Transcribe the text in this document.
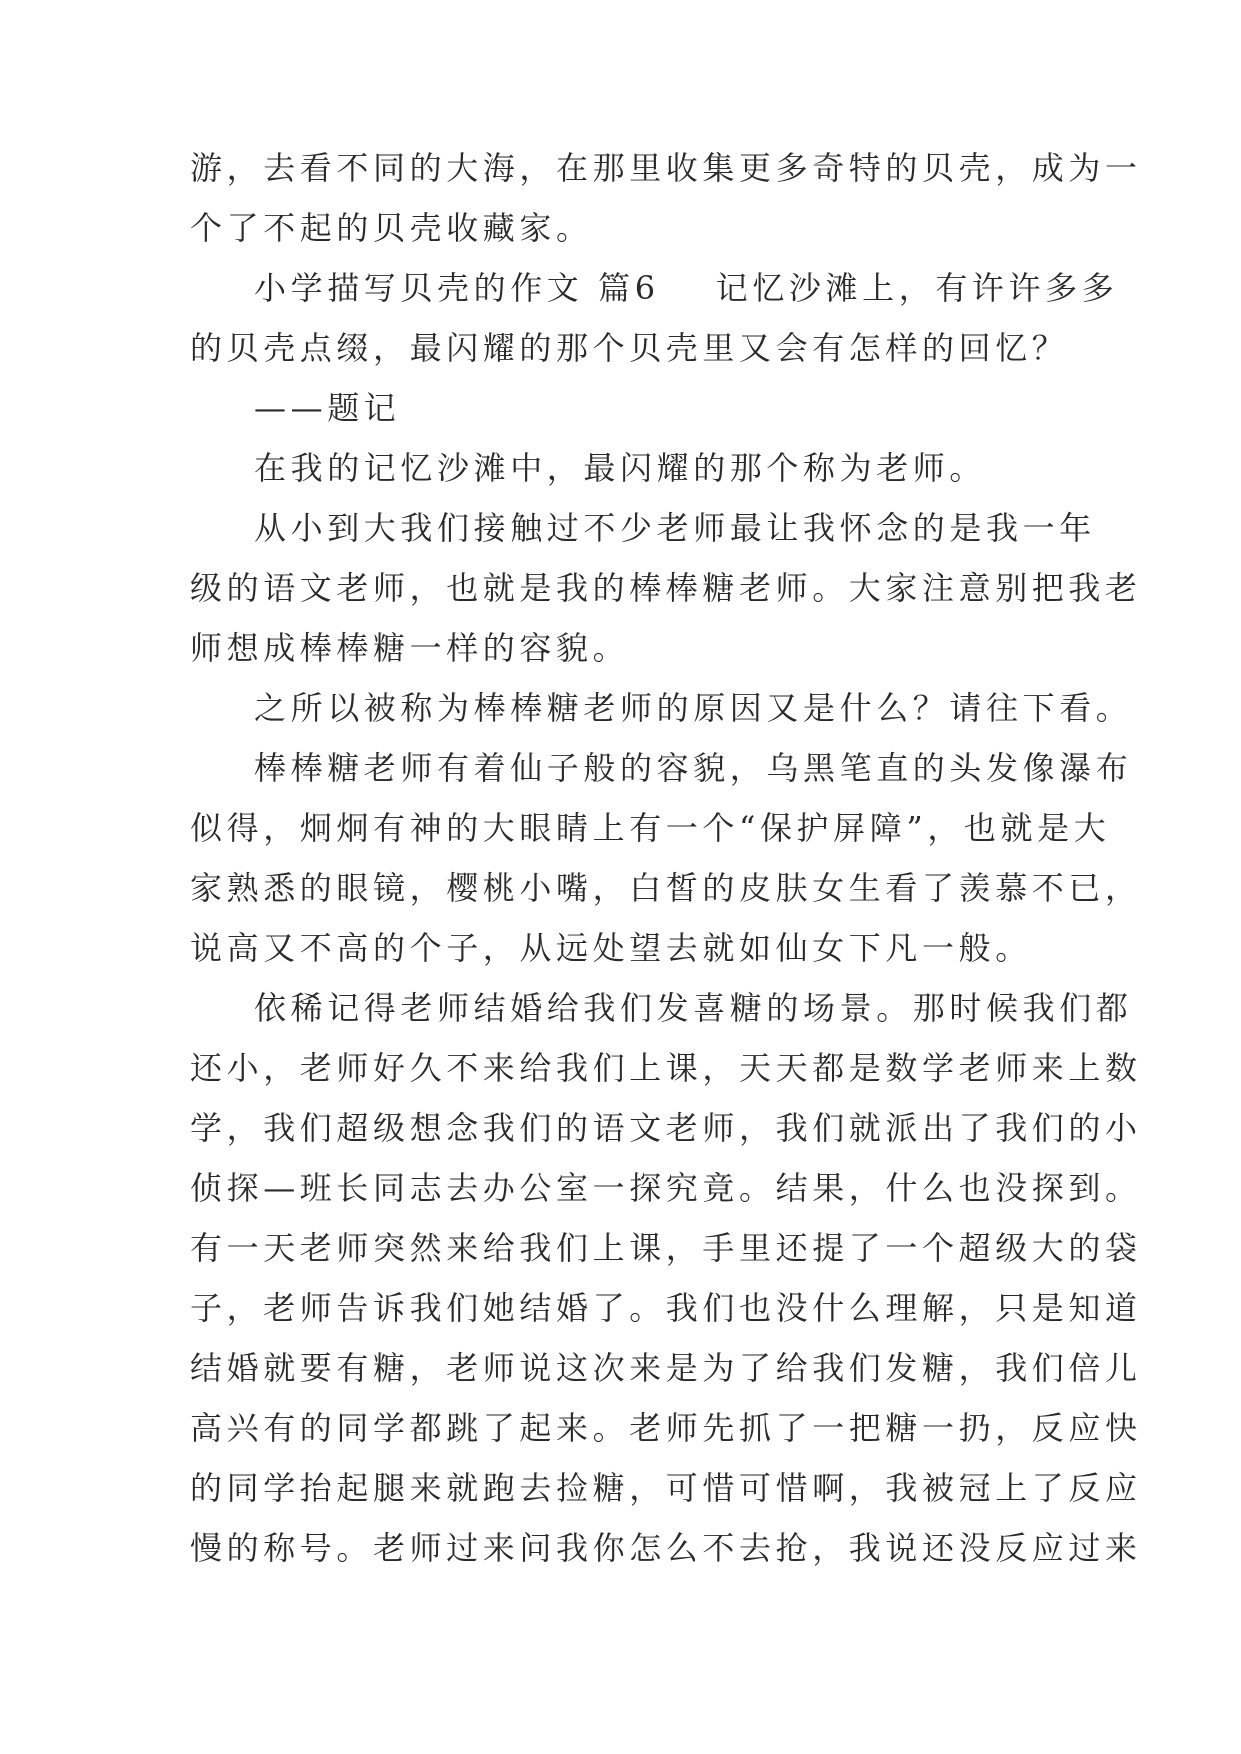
游，去看不同的大海，在那里收集更多奇特的贝壳，成为一
个了不起的贝壳收藏家。
小学描写贝壳的作文 篇6 记忆沙滩上，有许许多多
的贝壳点缀，最闪耀的那个贝壳里又会有怎样的回忆？
——题记
在我的记忆沙滩中，最闪耀的那个称为老师。
从小到大我们接触过不少老师最让我怀念的是我一年
级的语文老师，也就是我的棒棒糖老师。大家注意别把我老
师想成棒棒糖一样的容貌。
之所以被称为棒棒糖老师的原因又是什么？请往下看。
棒棒糖老师有着仙子般的容貌，乌黑笔直的头发像瀑布
似得，炯炯有神的大眼睛上有一个“保护屏障”，也就是大
家熟悉的眼镜，樱桃小嘴，白皙的皮肤女生看了羡慕不已，
说高又不高的个子，从远处望去就如仙女下凡一般。
依稀记得老师结婚给我们发喜糖的场景。那时候我们都
还小，老师好久不来给我们上课，天天都是数学老师来上数
学，我们超级想念我们的语文老师，我们就派出了我们的小
侦探—班长同志去办公室一探究竟。结果，什么也没探到。
有一天老师突然来给我们上课，手里还提了一个超级大的袋
子，老师告诉我们她结婚了。我们也没什么理解，只是知道
结婚就要有糖，老师说这次来是为了给我们发糖，我们倍儿
高兴有的同学都跳了起来。老师先抓了一把糖一扔，反应快
的同学抬起腿来就跑去捡糖，可惜可惜啊，我被冠上了反应
慢的称号。老师过来问我你怎么不去抢，我说还没反应过来
